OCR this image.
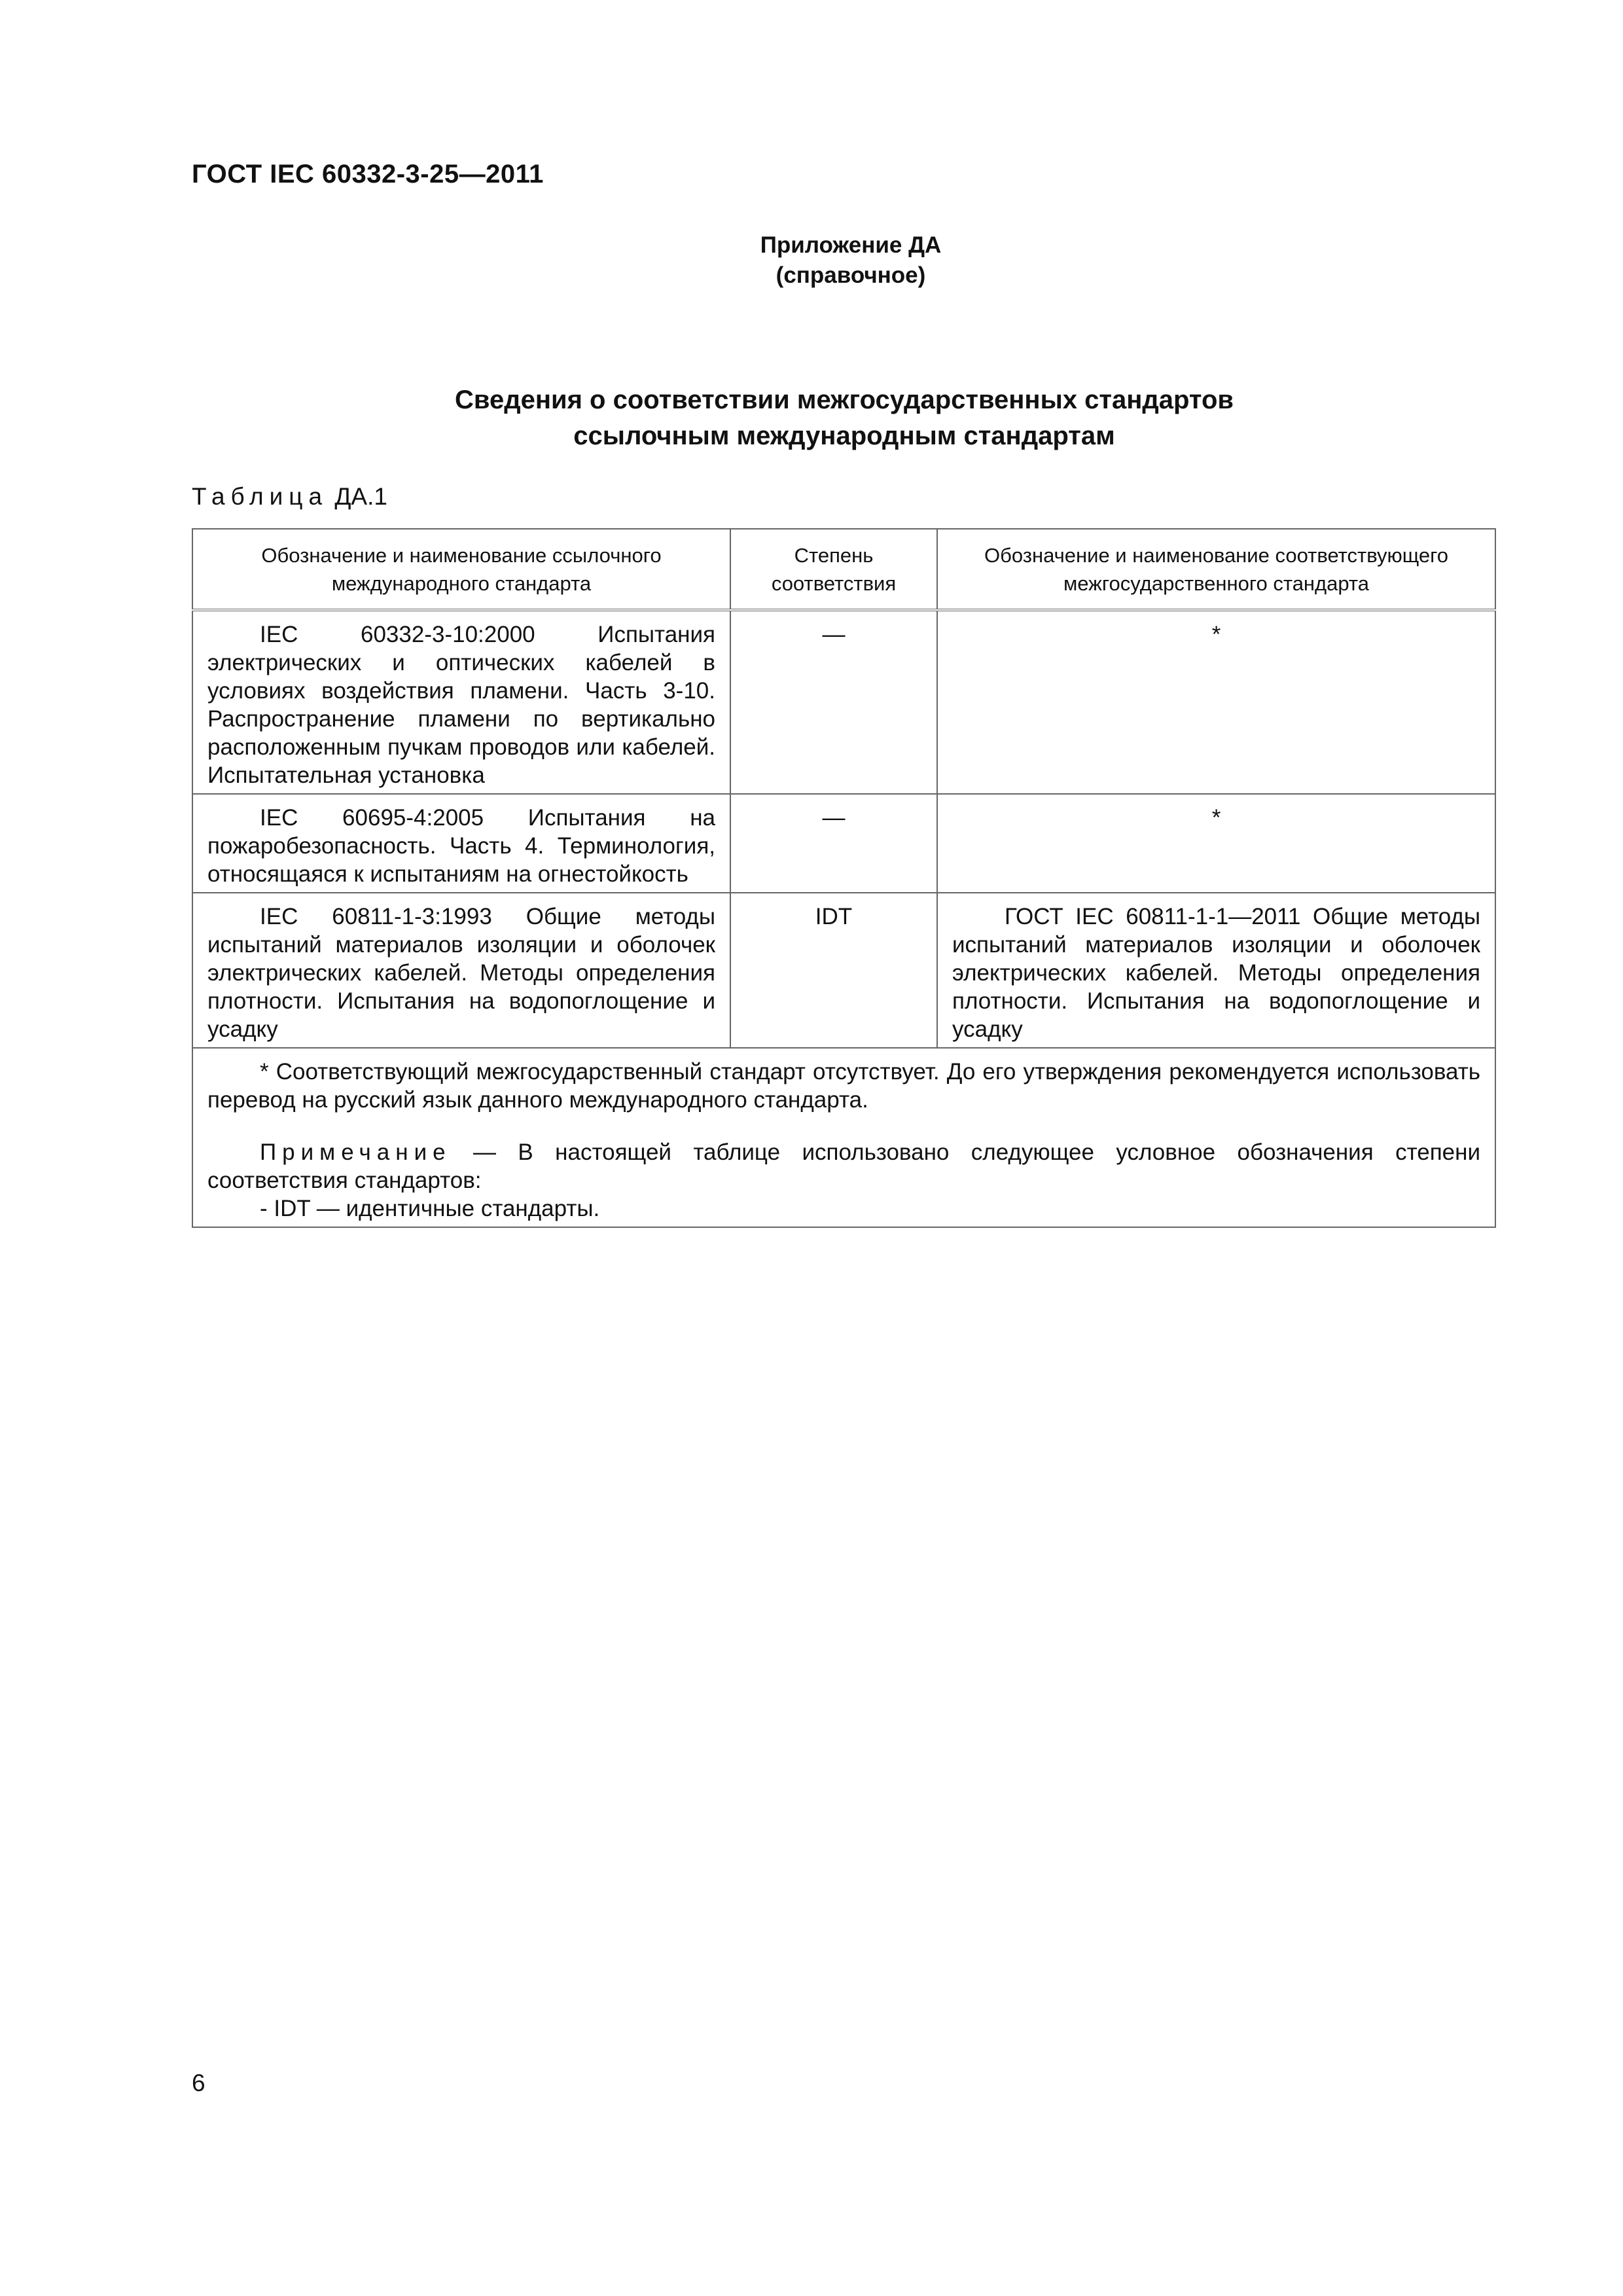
ГОСТ IEC 60332-3-25—2011
Приложение ДА
(справочное)
Сведения о соответствии межгосударственных стандартов
ссылочным международным стандартам
Таблица ДА.1
Обозначение и наименование ссылочного международного стандарта	Степень соответствия	Обозначение и наименование соответствующего межгосударственного стандарта

IEC 60332-3-10:2000 Испытания электрических и оптических кабелей в условиях воздействия пламени. Часть 3-10. Распространение пламени по вертикально расположенным пучкам проводов или кабелей. Испытательная установка	—	*

IEC 60695-4:2005 Испытания на пожаробезопасность. Часть 4. Терминология, относящаяся к испытаниям на огнестойкость	—	*

IEC 60811-1-3:1993 Общие методы испытаний материалов изоляции и оболочек электрических кабелей. Методы определения плотности. Испытания на водопоглощение и усадку	IDT	ГОСТ IEC 60811-1-1—2011 Общие методы испытаний материалов изоляции и оболочек электрических кабелей. Методы определения плотности. Испытания на водопоглощение и усадку

* Соответствующий межгосударственный стандарт отсутствует. До его утверждения рекомендуется использовать перевод на русский язык данного международного стандарта.

Примечание — В настоящей таблице использовано следующее условное обозначения степени соответствия стандартов:

- IDT — идентичные стандарты.		

6
